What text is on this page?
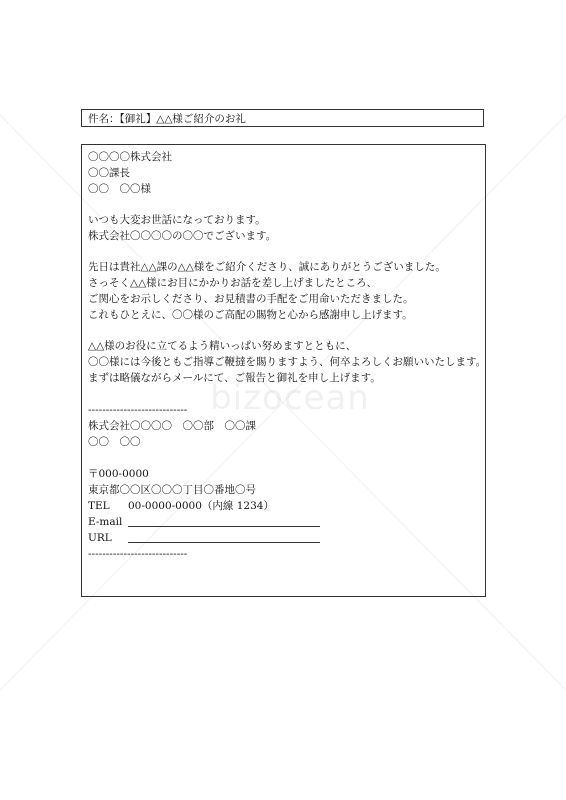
bizocean
件名：【御礼】△△様ご紹介のお礼
〇〇〇〇株式会社
〇〇課長
〇〇　〇〇様
いつも大変お世話になっております。
株式会社〇〇〇〇の〇〇でございます。
先日は貴社△△課の△△様をご紹介くださり、誠にありがとうございました。
さっそく△△様にお目にかかりお話を差し上げましたところ、
ご関心をお示しくださり、お見積書の手配をご用命いただきました。
これもひとえに、〇〇様のご高配の賜物と心から感謝申し上げます。
△△様のお役に立てるよう精いっぱい努めますとともに、
〇〇様には今後ともご指導ご鞭撻を賜りますよう、何卒よろしくお願いいたします。
まずは略儀ながらメールにて、ご報告と御礼を申し上げます。
----------------------------
株式会社〇〇〇〇　〇〇部　〇〇課
〇〇　〇〇
〒000-0000
東京都〇〇区〇〇〇丁目〇番地〇号
TEL	00-0000-0000（内線 1234）
E-mail
URL
----------------------------
